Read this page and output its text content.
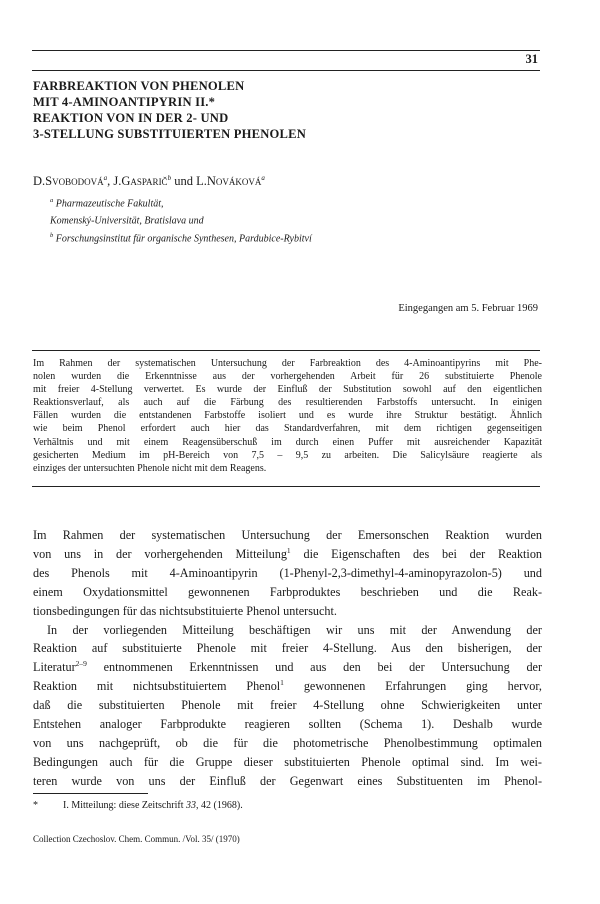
31
FARBREAKTION VON PHENOLEN
MIT 4-AMINOANTIPYRIN II.*
REAKTION VON IN DER 2- UND
3-STELLUNG SUBSTITUIERTEN PHENOLEN
D.Svobodová$^a$, J.Gasparič$^b$ und L.Nováková$^a$
$^a$ Pharmazeutische Fakultät,
Komenský-Universität, Bratislava und
$^b$ Forschungsinstitut für organische Synthesen, Pardubice-Rybitví
Eingegangen am 5. Februar 1969
Im Rahmen der systematischen Untersuchung der Farbreaktion des 4-Aminoantipyrins mit Phe-
nolen wurden die Erkenntnisse aus der vorhergehenden Arbeit für 26 substituierte Phenole
mit freier 4-Stellung verwertet. Es wurde der Einfluß der Substitution sowohl auf den eigentlichen
Reaktionsverlauf, als auch auf die Färbung des resultierenden Farbstoffs untersucht. In einigen
Fällen wurden die entstandenen Farbstoffe isoliert und es wurde ihre Struktur bestätigt. Ähnlich
wie beim Phenol erfordert auch hier das Standardverfahren, mit dem richtigen gegenseitigen
Verhältnis und mit einem Reagensüberschuß im durch einen Puffer mit ausreichender Kapazität
gesicherten Medium im pH-Bereich von 7,5 – 9,5 zu arbeiten. Die Salicylsäure reagierte als
einziges der untersuchten Phenole nicht mit dem Reagens.
Im Rahmen der systematischen Untersuchung der Emersonschen Reaktion wurden
von uns in der vorhergehenden Mitteilung$^1$ die Eigenschaften des bei der Reaktion
des Phenols mit 4-Aminoantipyrin (1-Phenyl-2,3-dimethyl-4-aminopyrazolon-5) und
einem Oxydationsmittel gewonnenen Farbproduktes beschrieben und die Reak-
tionsbedingungen für das nichtsubstituierte Phenol untersucht.
In der vorliegenden Mitteilung beschäftigen wir uns mit der Anwendung der
Reaktion auf substituierte Phenole mit freier 4-Stellung. Aus den bisherigen, der
Literatur$^{2-9}$ entnommenen Erkenntnissen und aus den bei der Untersuchung der
Reaktion mit nichtsubstituiertem Phenol$^1$ gewonnenen Erfahrungen ging hervor,
daß die substituierten Phenole mit freier 4-Stellung ohne Schwierigkeiten unter
Entstehen analoger Farbprodukte reagieren sollten (Schema 1). Deshalb wurde
von uns nachgeprüft, ob die für die photometrische Phenolbestimmung optimalen
Bedingungen auch für die Gruppe dieser substituierten Phenole optimal sind. Im wei-
teren wurde von uns der Einfluß der Gegenwart eines Substituenten im Phenol-
*	I. Mitteilung: diese Zeitschrift 33, 42 (1968).
Collection Czechoslov. Chem. Commun. /Vol. 35/ (1970)
